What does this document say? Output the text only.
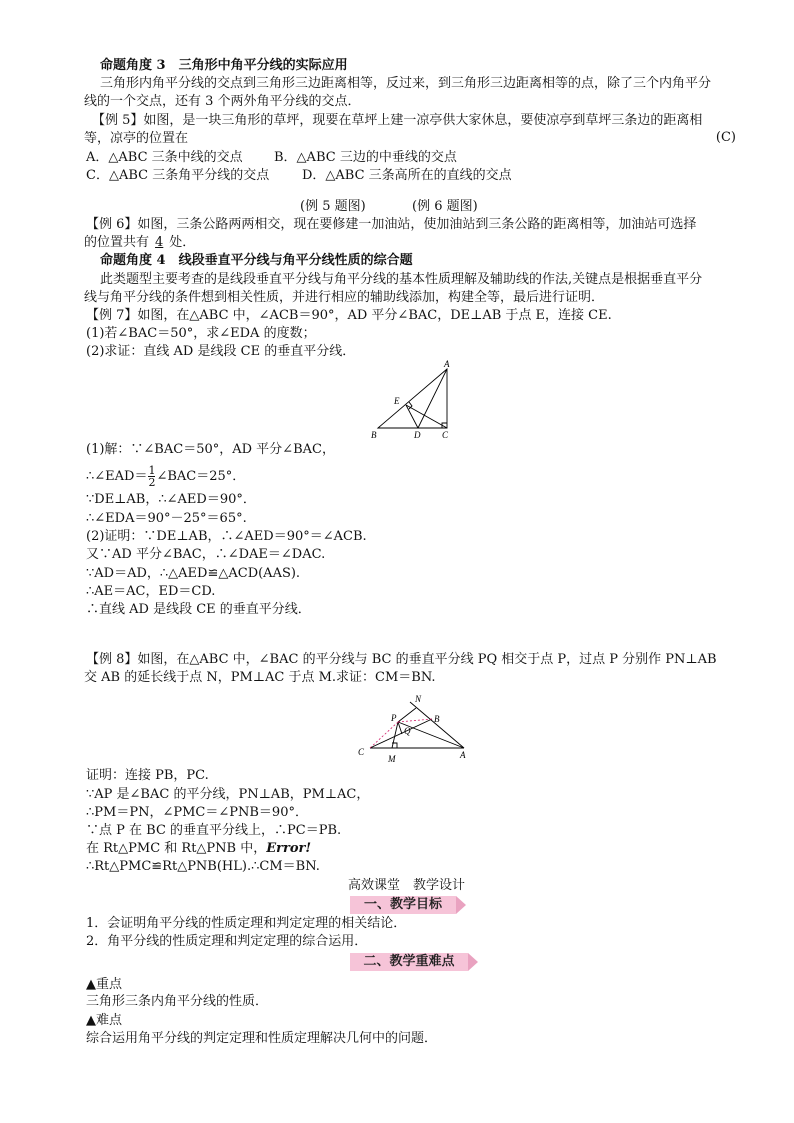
命题角度 3　三角形中角平分线的实际应用
三角形内角平分线的交点到三角形三边距离相等，反过来，到三角形三边距离相等的点，除了三个内角平分
线的一个交点，还有 3 个两外角平分线的交点．
【例 5】如图，是一块三角形的草坪，现要在草坪上建一凉亭供大家休息，要使凉亭到草坪三条边的距离相
等，凉亭的位置在	(C)
A．△ABC 三条中线的交点 B．△ABC 三边的中垂线的交点
C．△ABC 三条角平分线的交点	D．△ABC 三条高所在的直线的交点
(例 5 题图)	(例 6 题图)
【例 6】如图，三条公路两两相交，现在要修建一加油站，使加油站到三条公路的距离相等，加油站可选择
的位置共有 4 处．
命题角度 4　线段垂直平分线与角平分线性质的综合题
此类题型主要考查的是线段垂直平分线与角平分线的基本性质理解及辅助线的作法,关键点是根据垂直平分
线与角平分线的条件想到相关性质，并进行相应的辅助线添加，构建全等，最后进行证明．
【例 7】如图，在△ABC 中，∠ACB＝90°，AD 平分∠BAC，DE⊥AB 于点 E，连接 CE.
(1)若∠BAC＝50°，求∠EDA 的度数；
(2)求证：直线 AD 是线段 CE 的垂直平分线．
A
E
B	D C
(1)解：∵∠BAC＝50°，AD 平分∠BAC，
∴∠EAD＝ $\frac{1}{2}$ ∠BAC＝25°．
∵DE⊥AB，∴∠AED＝90°．
∴∠EDA＝90°－25°＝65°.
(2)证明：∵DE⊥AB，∴∠AED＝90°＝∠ACB.
又∵AD 平分∠BAC，∴∠DAE＝∠DAC.
∵AD＝AD，∴△AED≌△ACD(AAS).
∴AE＝AC，ED＝CD.
∴直线 AD 是线段 CE 的垂直平分线．
【例 8】如图，在△ABC 中，∠BAC 的平分线与 BC 的垂直平分线 PQ 相交于点 P，过点 P 分别作 PN⊥AB
交 AB 的延长线于点 N，PM⊥AC 于点 M.求证：CM＝BN.
N
P	B
Q
C
M	A
证明：连接 PB，PC.
∵AP 是∠BAC 的平分线，PN⊥AB，PM⊥AC，
∴PM＝PN，∠PMC＝∠PNB＝90°．
∵点 P 在 BC 的垂直平分线上，∴PC＝PB.
在 Rt△PMC 和 Rt△PNB 中，Error!
∴Rt△PMC≌Rt△PNB(HL).∴CM＝BN.
高效课堂　教学设计
一、教学目标
1．会证明角平分线的性质定理和判定定理的相关结论．
2．角平分线的性质定理和判定定理的综合运用．
二、教学重难点
▲重点
三角形三条内角平分线的性质．
▲难点
综合运用角平分线的判定定理和性质定理解决几何中的问题．
